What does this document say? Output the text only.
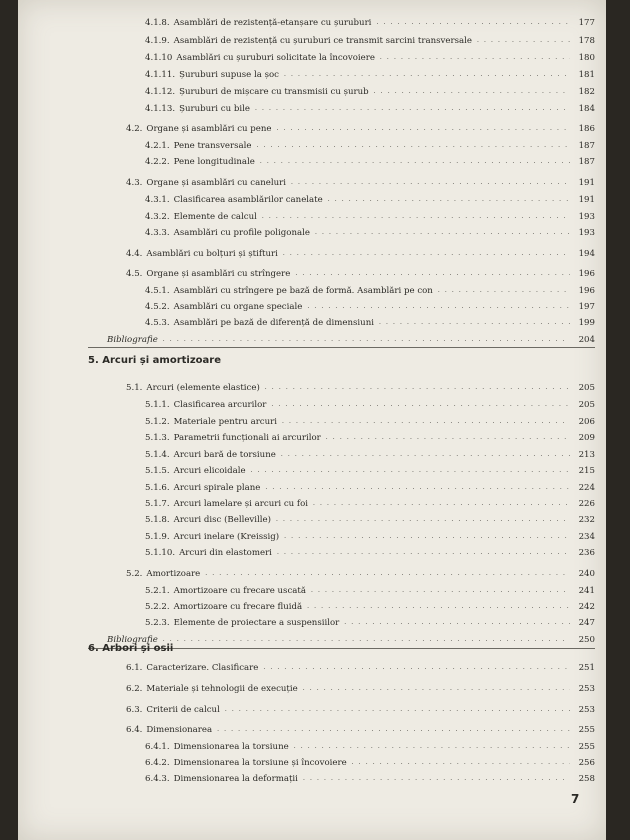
4.1.8. Asamblări de rezistență-etanșare cu șuruburi . . .	177
4.1.9. Asamblări de rezistență cu șuruburi ce transmit sarcini transversale . . .	178
4.1.10 Asamblări cu șuruburi solicitate la încovoiere . . .	180
4.1.11. Șuruburi supuse la șoc . . .	181
4.1.12. Șuruburi de mișcare cu transmisii cu șurub . . .	182
4.1.13. Șuruburi cu bile . . .	184
4.2. Organe și asamblări cu pene . . .	186
4.2.1. Pene transversale . . .	187
4.2.2. Pene longitudinale . . .	187
4.3. Organe și asamblări cu caneluri . . .	191
4.3.1. Clasificarea asamblărilor canelate . . .	191
4.3.2. Elemente de calcul . . .	193
4.3.3. Asamblări cu profile poligonale . . .	193
4.4. Asamblări cu bolțuri și știfturi . . .	194
4.5. Organe și asamblări cu strîngere . . .	196
4.5.1. Asamblări cu strîngere pe bază de formă. Asamblări pe con . . .	196
4.5.2. Asamblări cu organe speciale . . .	197
4.5.3. Asamblări pe bază de diferență de dimensiuni . . .	199
Bibliografie . . .	204
5. Arcuri și amortizoare
5.1. Arcuri (elemente elastice) . . .	205
5.1.1. Clasificarea arcurilor . . .	205
5.1.2. Materiale pentru arcuri . . .	206
5.1.3. Parametrii funcționali ai arcurilor . . .	209
5.1.4. Arcuri bară de torsiune . . .	213
5.1.5. Arcuri elicoidale . . .	215
5.1.6. Arcuri spirale plane . . .	224
5.1.7. Arcuri lamelare și arcuri cu foi . . .	226
5.1.8. Arcuri disc (Belleville) . . .	232
5.1.9. Arcuri inelare (Kreissig) . . .	234
5.1.10. Arcuri din elastomeri . . .	236
5.2. Amortizoare . . .	240
5.2.1. Amortizoare cu frecare uscată . . .	241
5.2.2. Amortizoare cu frecare fluidă . . .	242
5.2.3. Elemente de proiectare a suspensiilor . . .	247
Bibliografie . . .	250
6. Arbori și osii
6.1. Caracterizare. Clasificare . . .	251
6.2. Materiale și tehnologii de execuție . . .	253
6.3. Criterii de calcul . . .	253
6.4. Dimensionarea . . .	255
6.4.1. Dimensionarea la torsiune . . .	255
6.4.2. Dimensionarea la torsiune și încovoiere . . .	256
6.4.3. Dimensionarea la deformații . . .	258
7
